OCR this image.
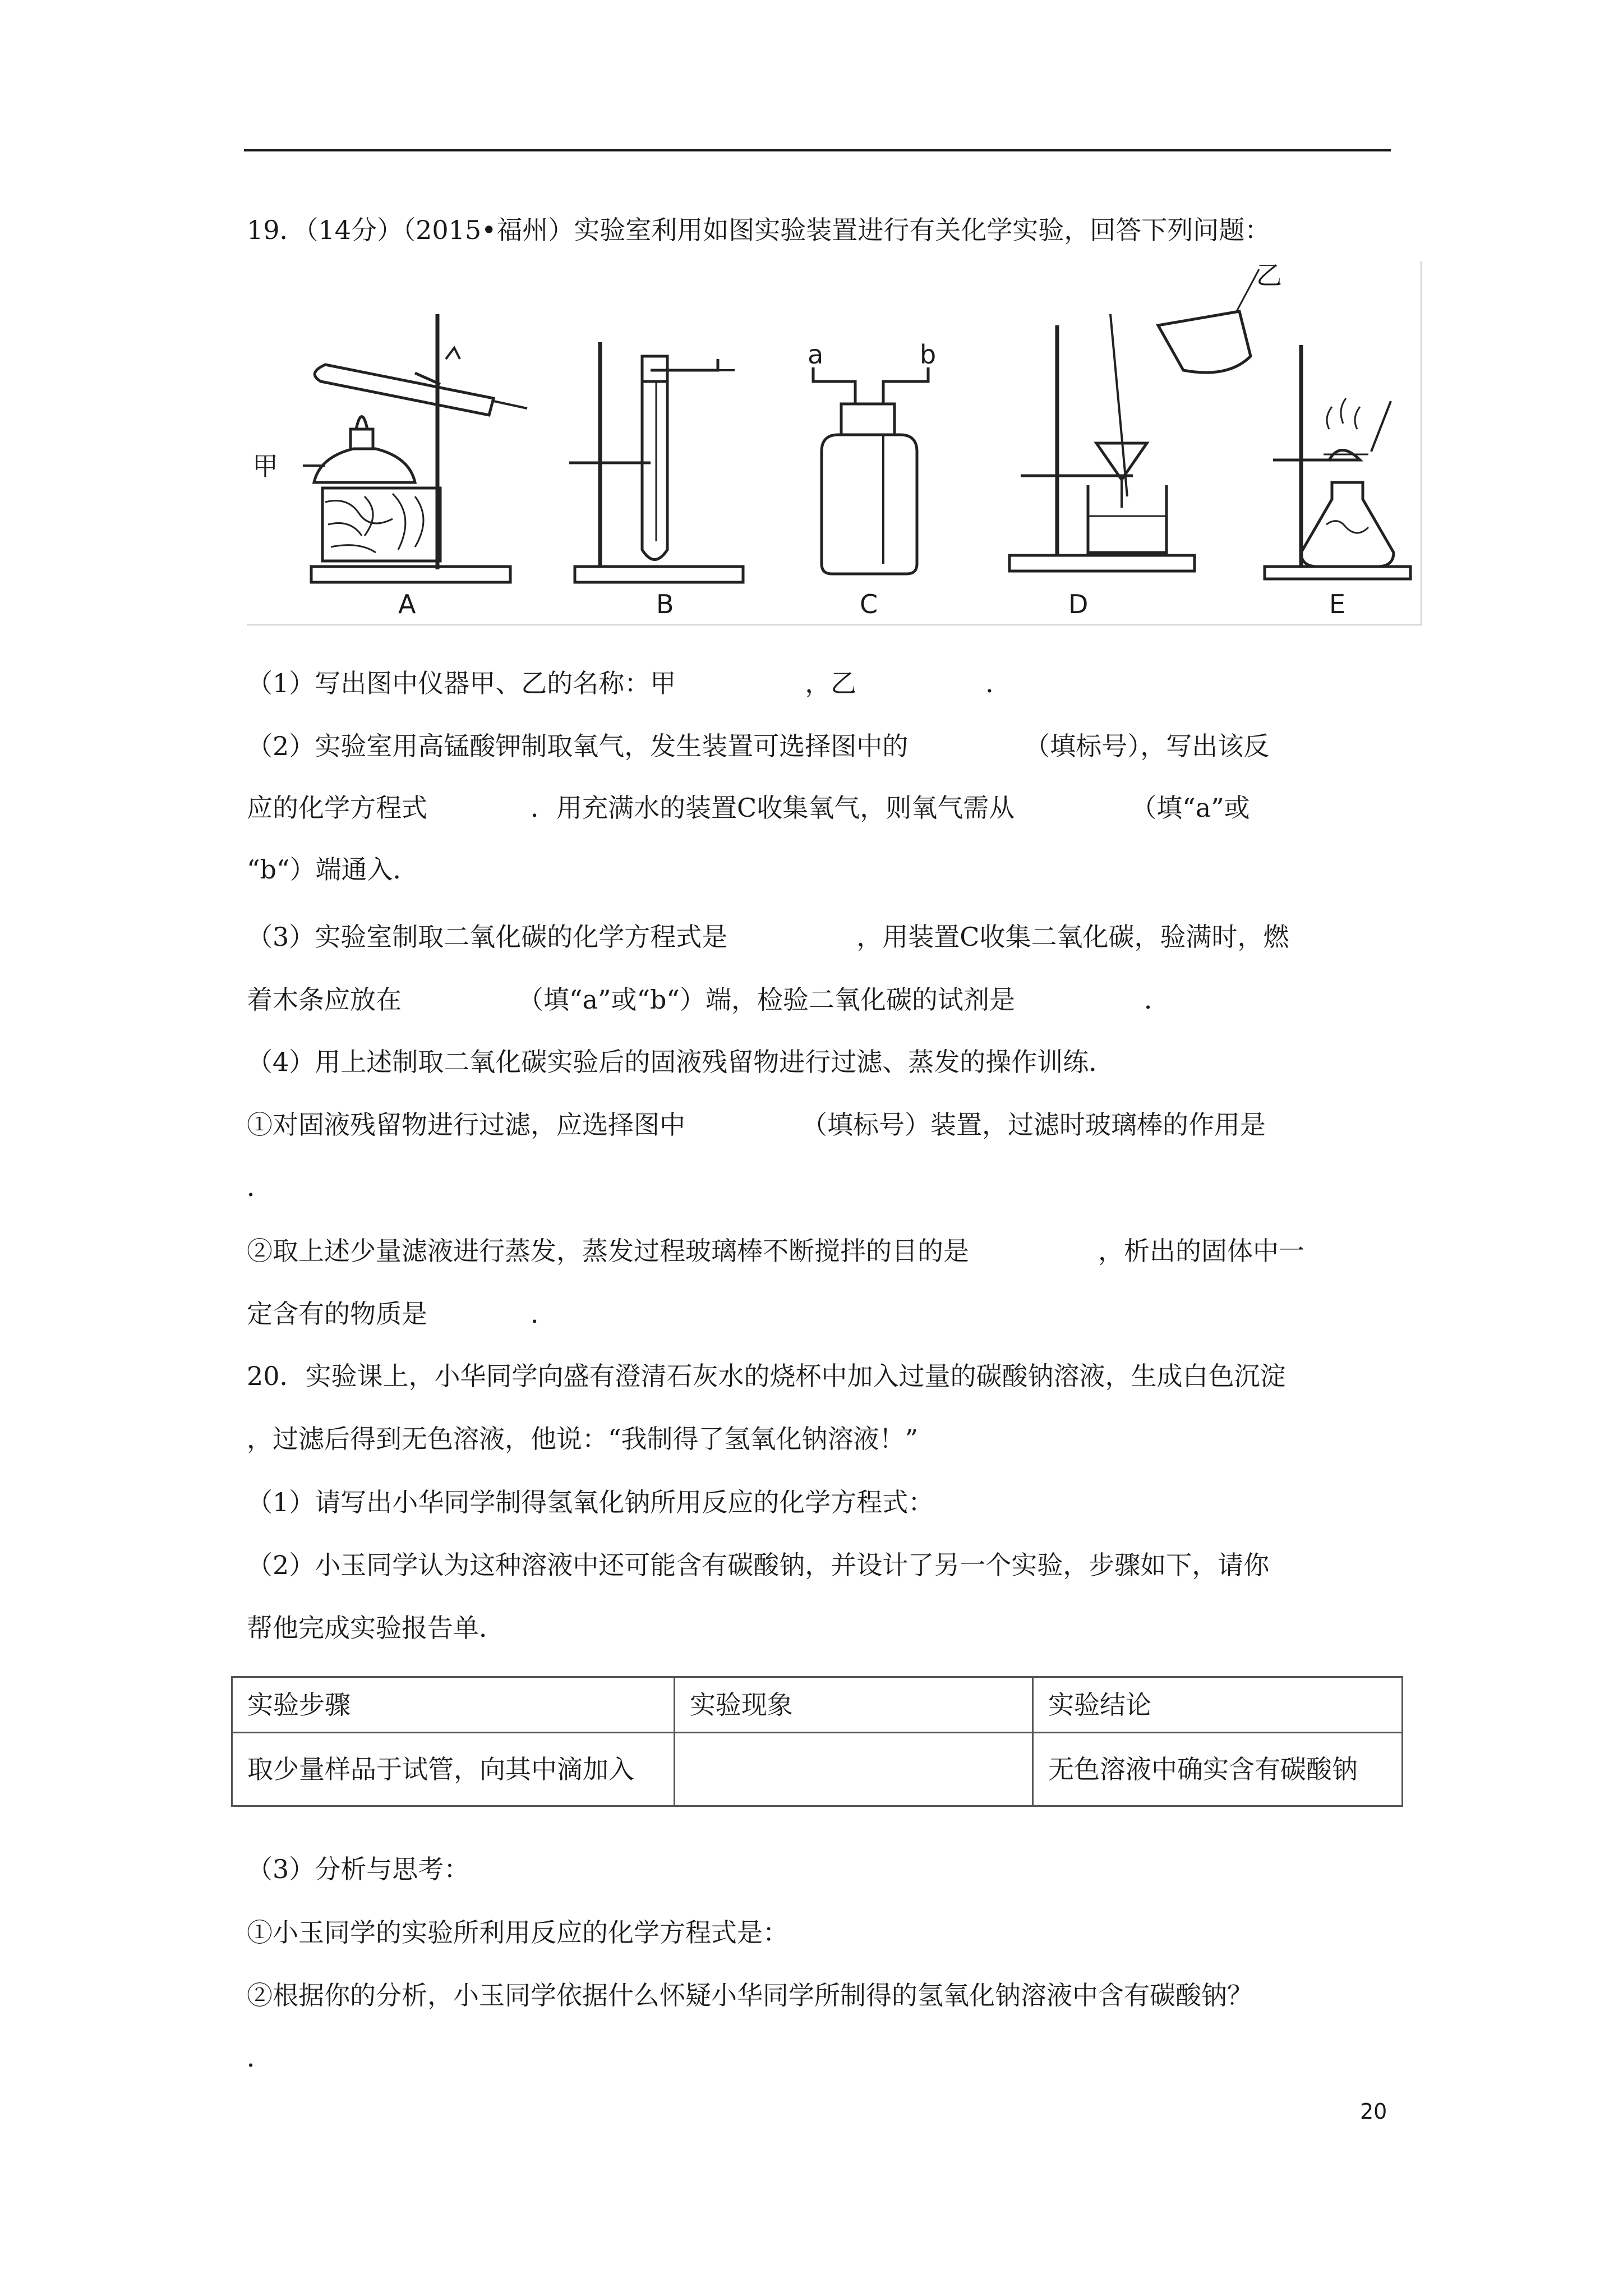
19．（14分）（2015•福州）实验室利用如图实验装置进行有关化学实验，回答下列问题：
甲
乙
a	b
A	B	C	D	E
（1）写出图中仪器甲、乙的名称：甲　　　　　，乙　　　　　．
（2）实验室用高锰酸钾制取氧气，发生装置可选择图中的　　　　　（填标号），写出该反
应的化学方程式　　　　．用充满水的装置C收集氧气，则氧气需从　　　　　（填“a”或
“b“）端通入．
（3）实验室制取二氧化碳的化学方程式是　　　　　，用装置C收集二氧化碳，验满时，燃
着木条应放在　　　　　（填“a”或“b“）端，检验二氧化碳的试剂是　　　　　．
（4）用上述制取二氧化碳实验后的固液残留物进行过滤、蒸发的操作训练．
①对固液残留物进行过滤，应选择图中　　　　　（填标号）装置，过滤时玻璃棒的作用是
．
②取上述少量滤液进行蒸发，蒸发过程玻璃棒不断搅拌的目的是　　　　　，析出的固体中一
定含有的物质是　　　　．
20．实验课上，小华同学向盛有澄清石灰水的烧杯中加入过量的碳酸钠溶液，生成白色沉淀
，过滤后得到无色溶液，他说：“我制得了氢氧化钠溶液！”
（1）请写出小华同学制得氢氧化钠所用反应的化学方程式：
（2）小玉同学认为这种溶液中还可能含有碳酸钠，并设计了另一个实验，步骤如下，请你
帮他完成实验报告单．
实验步骤	实验现象	实验结论
取少量样品于试管，向其中滴加入		无色溶液中确实含有碳酸钠
（3）分析与思考：
①小玉同学的实验所利用反应的化学方程式是：
②根据你的分析，小玉同学依据什么怀疑小华同学所制得的氢氧化钠溶液中含有碳酸钠？
．
20
